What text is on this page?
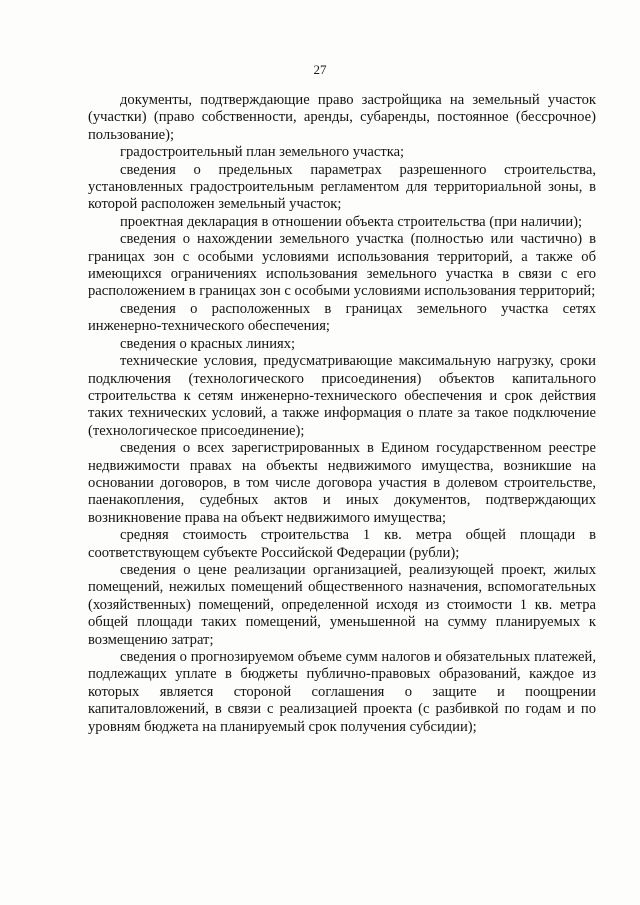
27

документы, подтверждающие право застройщика на земельный участок (участки) (право собственности, аренды, субаренды, постоянное (бессрочное) пользование);

градостроительный план земельного участка;

сведения о предельных параметрах разрешенного строительства, установленных градостроительным регламентом для территориальной зоны, в которой расположен земельный участок;

проектная декларация в отношении объекта строительства (при наличии);

сведения о нахождении земельного участка (полностью или частично) в границах зон с особыми условиями использования территорий, а также об имеющихся ограничениях использования земельного участка в связи с его расположением в границах зон с особыми условиями использования территорий;

сведения о расположенных в границах земельного участка сетях инженерно-технического обеспечения;

сведения о красных линиях;

технические условия, предусматривающие максимальную нагрузку, сроки подключения (технологического присоединения) объектов капитального строительства к сетям инженерно-технического обеспечения и срок действия таких технических условий, а также информация о плате за такое подключение (технологическое присоединение);

сведения о всех зарегистрированных в Едином государственном реестре недвижимости правах на объекты недвижимого имущества, возникшие на основании договоров, в том числе договора участия в долевом строительстве, паенакопления, судебных актов и иных документов, подтверждающих возникновение права на объект недвижимого имущества;

средняя стоимость строительства 1 кв. метра общей площади в соответствующем субъекте Российской Федерации (рубли);

сведения о цене реализации организацией, реализующей проект, жилых помещений, нежилых помещений общественного назначения, вспомогательных (хозяйственных) помещений, определенной исходя из стоимости 1 кв. метра общей площади таких помещений, уменьшенной на сумму планируемых к возмещению затрат;

сведения о прогнозируемом объеме сумм налогов и обязательных платежей, подлежащих уплате в бюджеты публично-правовых образований, каждое из которых является стороной соглашения о защите и поощрении капиталовложений, в связи с реализацией проекта (с разбивкой по годам и по уровням бюджета на планируемый срок получения субсидии);
